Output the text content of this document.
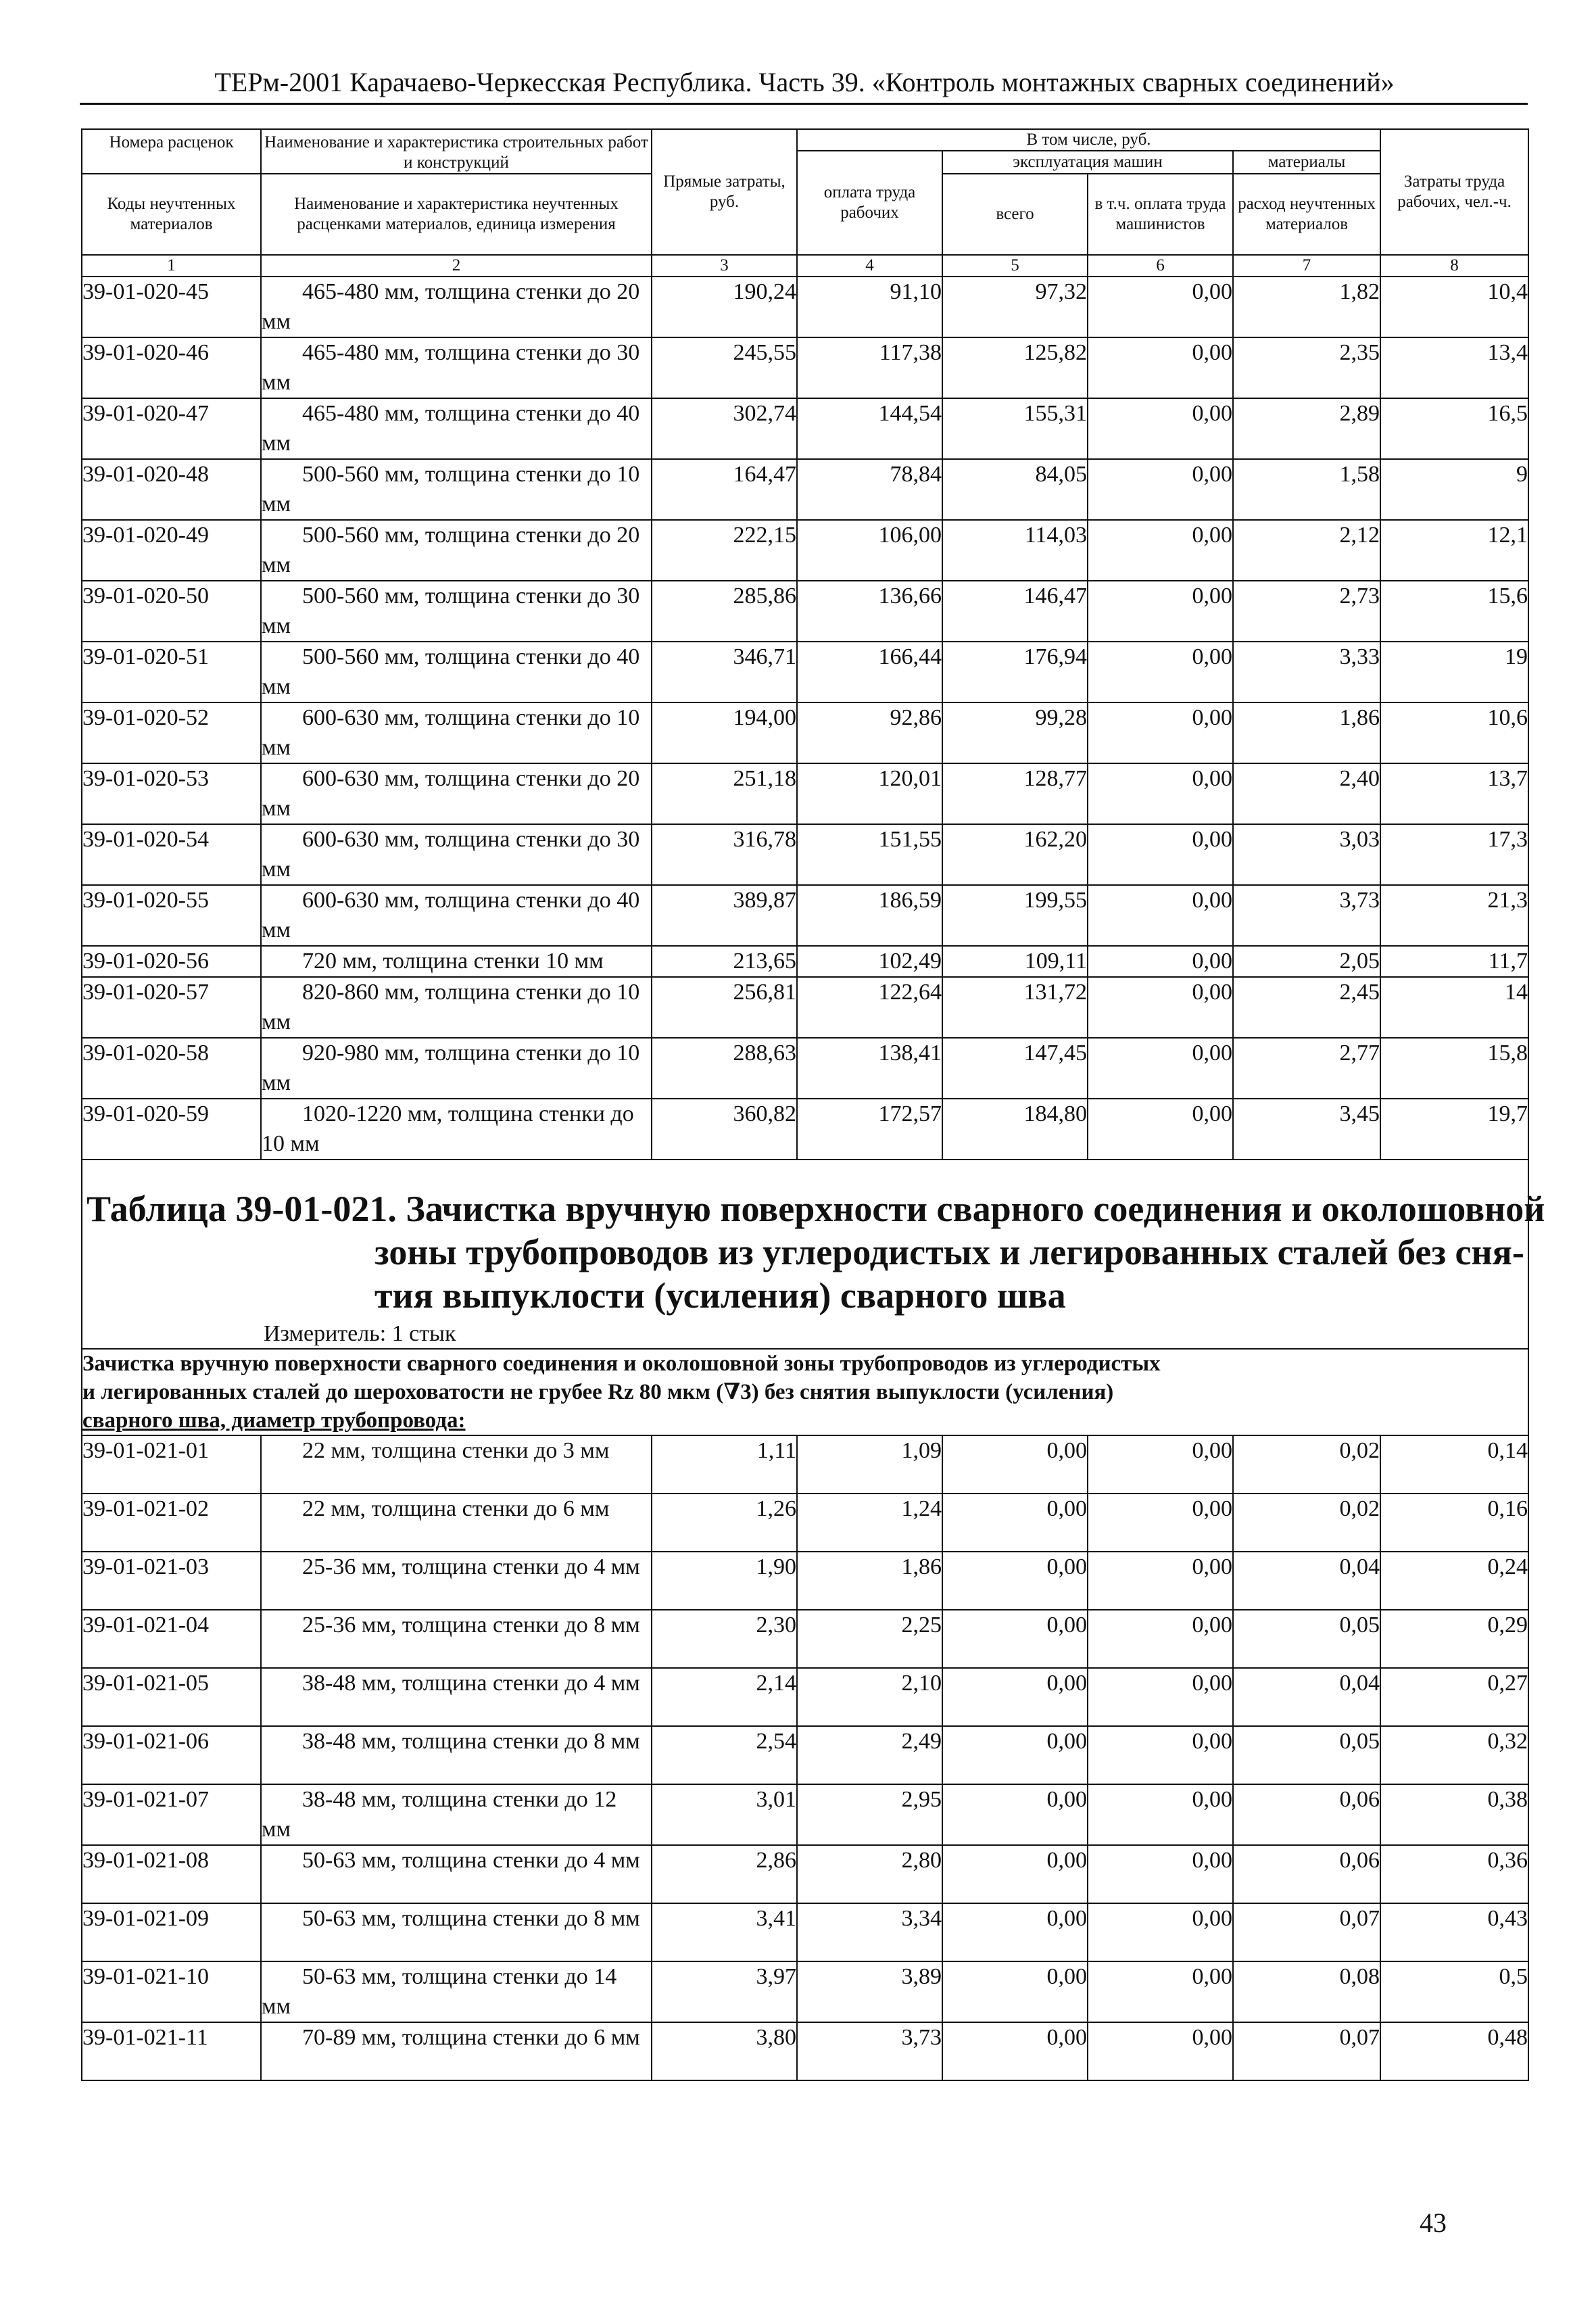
ТЕРм-2001 Карачаево-Черкесская Республика. Часть 39. «Контроль монтажных сварных соединений»
Номера расценок	Наименование и характеристика строительных работ и конструкций	Прямые затраты, руб.	В том числе, руб.				Затраты труда рабочих, чел.-ч.
			оплата труда рабочих	эксплуатация машин		материалы	
Коды неучтенных материалов	Наименование и характеристика неучтенных расценками материалов, единица измерения			всего	в т.ч. оплата труда машинистов	расход неучтенных материалов	

1	2	3	4	5	6	7	8
39-01-020-45	465-480 мм, толщина стенки до 20 мм	190,24	91,10	97,32	0,00	1,82	10,4
39-01-020-46	465-480 мм, толщина стенки до 30 мм	245,55	117,38	125,82	0,00	2,35	13,4
39-01-020-47	465-480 мм, толщина стенки до 40 мм	302,74	144,54	155,31	0,00	2,89	16,5
39-01-020-48	500-560 мм, толщина стенки до 10 мм	164,47	78,84	84,05	0,00	1,58	9
39-01-020-49	500-560 мм, толщина стенки до 20 мм	222,15	106,00	114,03	0,00	2,12	12,1
39-01-020-50	500-560 мм, толщина стенки до 30 мм	285,86	136,66	146,47	0,00	2,73	15,6
39-01-020-51	500-560 мм, толщина стенки до 40 мм	346,71	166,44	176,94	0,00	3,33	19
39-01-020-52	600-630 мм, толщина стенки до 10 мм	194,00	92,86	99,28	0,00	1,86	10,6
39-01-020-53	600-630 мм, толщина стенки до 20 мм	251,18	120,01	128,77	0,00	2,40	13,7
39-01-020-54	600-630 мм, толщина стенки до 30 мм	316,78	151,55	162,20	0,00	3,03	17,3
39-01-020-55	600-630 мм, толщина стенки до 40 мм	389,87	186,59	199,55	0,00	3,73	21,3
39-01-020-56	720 мм, толщина стенки 10 мм	213,65	102,49	109,11	0,00	2,05	11,7
39-01-020-57	820-860 мм, толщина стенки до 10 мм	256,81	122,64	131,72	0,00	2,45	14
39-01-020-58	920-980 мм, толщина стенки до 10 мм	288,63	138,41	147,45	0,00	2,77	15,8
39-01-020-59	1020-1220 мм, толщина стенки до 10 мм	360,82	172,57	184,80	0,00	3,45	19,7

Таблица 39-01-021. Зачистка вручную поверхности сварного соединения и околошовной
зоны трубопроводов из углеродистых и легированных сталей без сня-
тия выпуклости (усиления) сварного шва
Измеритель: 1 стык							

Зачистка вручную поверхности сварного соединения и околошовной зоны трубопроводов из углеродистых
и легированных сталей до шероховатости не грубее Rz 80 мкм (∇3) без снятия выпуклости (усиления)
сварного шва, диаметр трубопровода:							

39-01-021-01	22 мм, толщина стенки до 3 мм	1,11	1,09	0,00	0,00	0,02	0,14
39-01-021-02	22 мм, толщина стенки до 6 мм	1,26	1,24	0,00	0,00	0,02	0,16
39-01-021-03	25-36 мм, толщина стенки до 4 мм	1,90	1,86	0,00	0,00	0,04	0,24
39-01-021-04	25-36 мм, толщина стенки до 8 мм	2,30	2,25	0,00	0,00	0,05	0,29
39-01-021-05	38-48 мм, толщина стенки до 4 мм	2,14	2,10	0,00	0,00	0,04	0,27
39-01-021-06	38-48 мм, толщина стенки до 8 мм	2,54	2,49	0,00	0,00	0,05	0,32
39-01-021-07	38-48 мм, толщина стенки до 12 мм	3,01	2,95	0,00	0,00	0,06	0,38
39-01-021-08	50-63 мм, толщина стенки до 4 мм	2,86	2,80	0,00	0,00	0,06	0,36
39-01-021-09	50-63 мм, толщина стенки до 8 мм	3,41	3,34	0,00	0,00	0,07	0,43
39-01-021-10	50-63 мм, толщина стенки до 14 мм	3,97	3,89	0,00	0,00	0,08	0,5
39-01-021-11	70-89 мм, толщина стенки до 6 мм	3,80	3,73	0,00	0,00	0,07	0,48
43
